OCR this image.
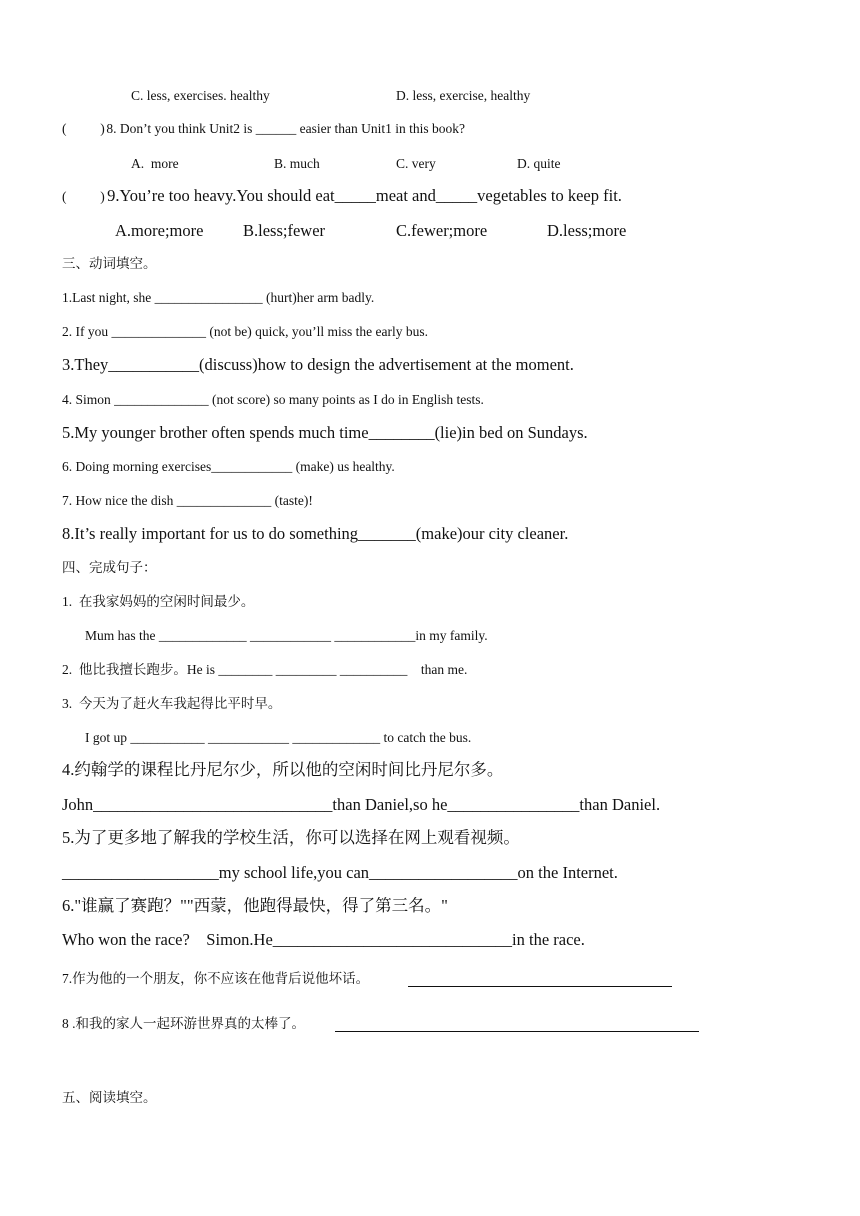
C. less, exercises. healthy	D. less, exercise, healthy
(          )
8. Don’t you think Unit2 is ______ easier than Unit1 in this book?
A.  more	B. much	C. very	D. quite
(          )
9.You’re too heavy.You should eat_____meat and_____vegetables to keep fit.
A.more;more B.less;fewer	C.fewer;more	D.less;more
三、动词填空。
1.Last night, she ________________ (hurt)her arm badly.
2. If you ______________ (not be) quick, you’ll miss the early bus.
3.They___________(discuss)how to design the advertisement at the moment.
4. Simon ______________ (not score) so many points as I do in English tests.
5.My younger brother often spends much time________(lie)in bed on Sundays.
6. Doing morning exercises____________ (make) us healthy.
7. How nice the dish ______________ (taste)!
8.It’s really important for us to do something_______(make)our city cleaner.
四、完成句子：
1.  在我家妈妈的空闲时间最少。
Mum has the _____________ ____________ ____________in my family.
2.  他比我擅长跑步。He is ________ _________ __________    than me.
3.  今天为了赶火车我起得比平时早。
I got up ___________ ____________ _____________ to catch the bus.
4.约翰学的课程比丹尼尔少，所以他的空闲时间比丹尼尔多。
John_____________________________than Daniel,so he________________than Daniel.
5.为了更多地了解我的学校生活，你可以选择在网上观看视频。
___________________my school life,you can__________________on the Internet.
6."谁赢了赛跑？""西蒙，他跑得最快，得了第三名。"
Who won the race?    Simon.He_____________________________in the race.
7.作为他的一个朋友，你不应该在他背后说他坏话。
8 .和我的家人一起环游世界真的太棒了。
五、阅读填空。
